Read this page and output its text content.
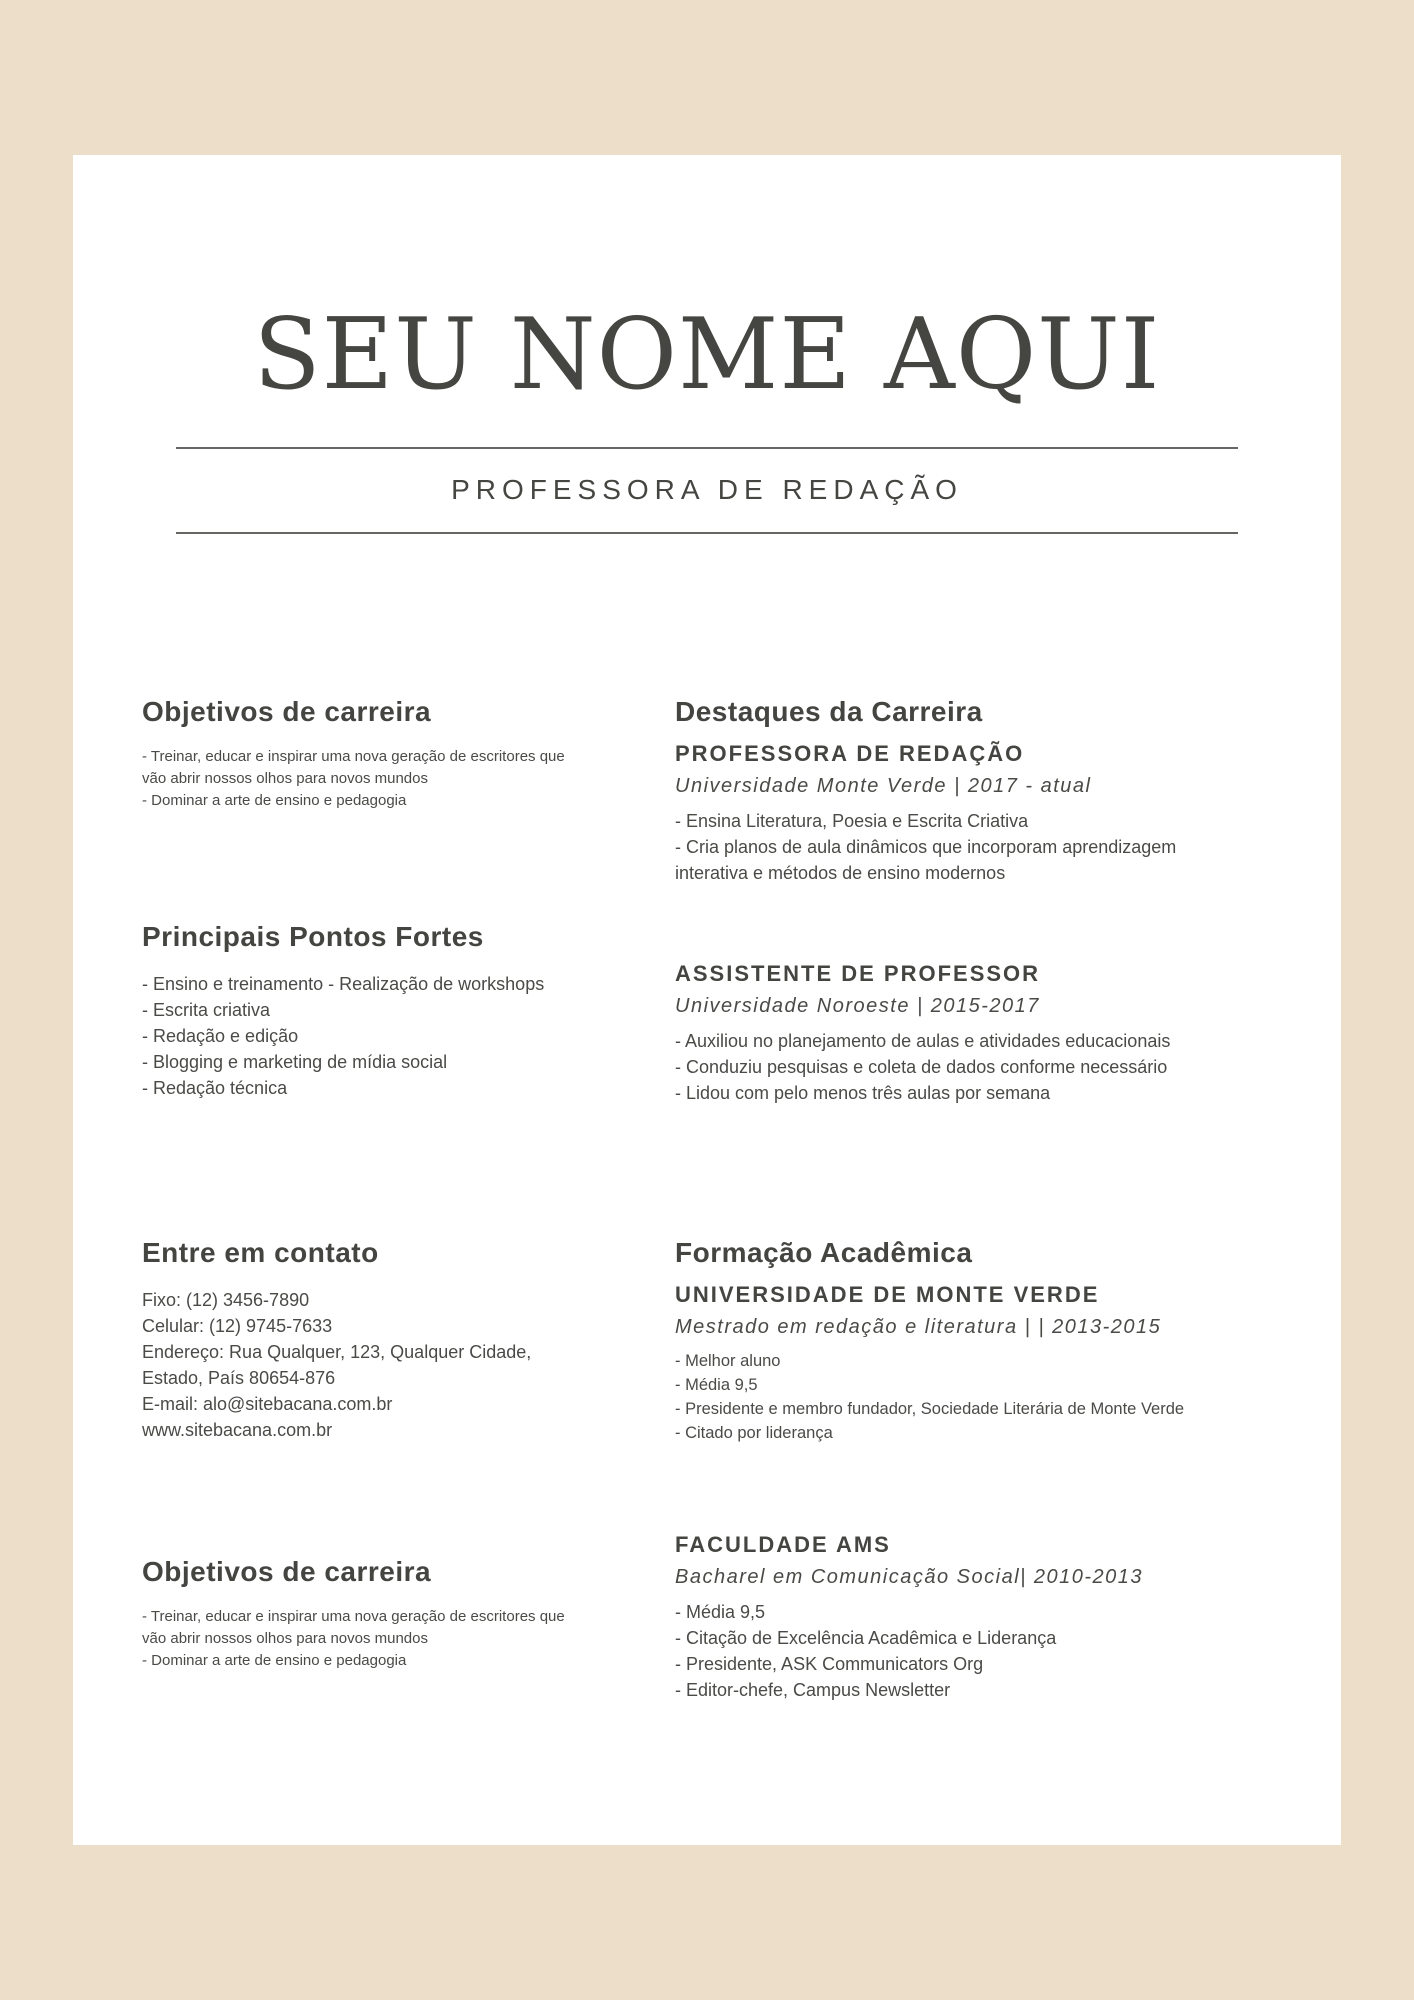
SEU NOME AQUI
PROFESSORA DE REDAÇÃO
Objetivos de carreira
- Treinar, educar e inspirar uma nova geração de escritores que
vão abrir nossos olhos para novos mundos
- Dominar a arte de ensino e pedagogia
Principais Pontos Fortes
- Ensino e treinamento - Realização de workshops
- Escrita criativa
- Redação e edição
- Blogging e marketing de mídia social
- Redação técnica
Entre em contato
Fixo: (12) 3456-7890
Celular: (12) 9745-7633
Endereço: Rua Qualquer, 123, Qualquer Cidade,
Estado, País 80654-876
E-mail: alo@sitebacana.com.br
www.sitebacana.com.br
Objetivos de carreira
- Treinar, educar e inspirar uma nova geração de escritores que
vão abrir nossos olhos para novos mundos
- Dominar a arte de ensino e pedagogia
Destaques da Carreira
PROFESSORA DE REDAÇÃO

Universidade Monte Verde | 2017 - atual

- Ensina Literatura, Poesia e Escrita Criativa
- Cria planos de aula dinâmicos que incorporam aprendizagem
interativa e métodos de ensino modernos
ASSISTENTE DE PROFESSOR

Universidade Noroeste | 2015-2017

- Auxiliou no planejamento de aulas e atividades educacionais
- Conduziu pesquisas e coleta de dados conforme necessário
- Lidou com pelo menos três aulas por semana
Formação Acadêmica
UNIVERSIDADE DE MONTE VERDE

Mestrado em redação e literatura | | 2013-2015

- Melhor aluno
- Média 9,5
- Presidente e membro fundador, Sociedade Literária de Monte Verde
- Citado por liderança
FACULDADE AMS

Bacharel em Comunicação Social| 2010-2013

- Média 9,5
- Citação de Excelência Acadêmica e Liderança
- Presidente, ASK Communicators Org
- Editor-chefe, Campus Newsletter
